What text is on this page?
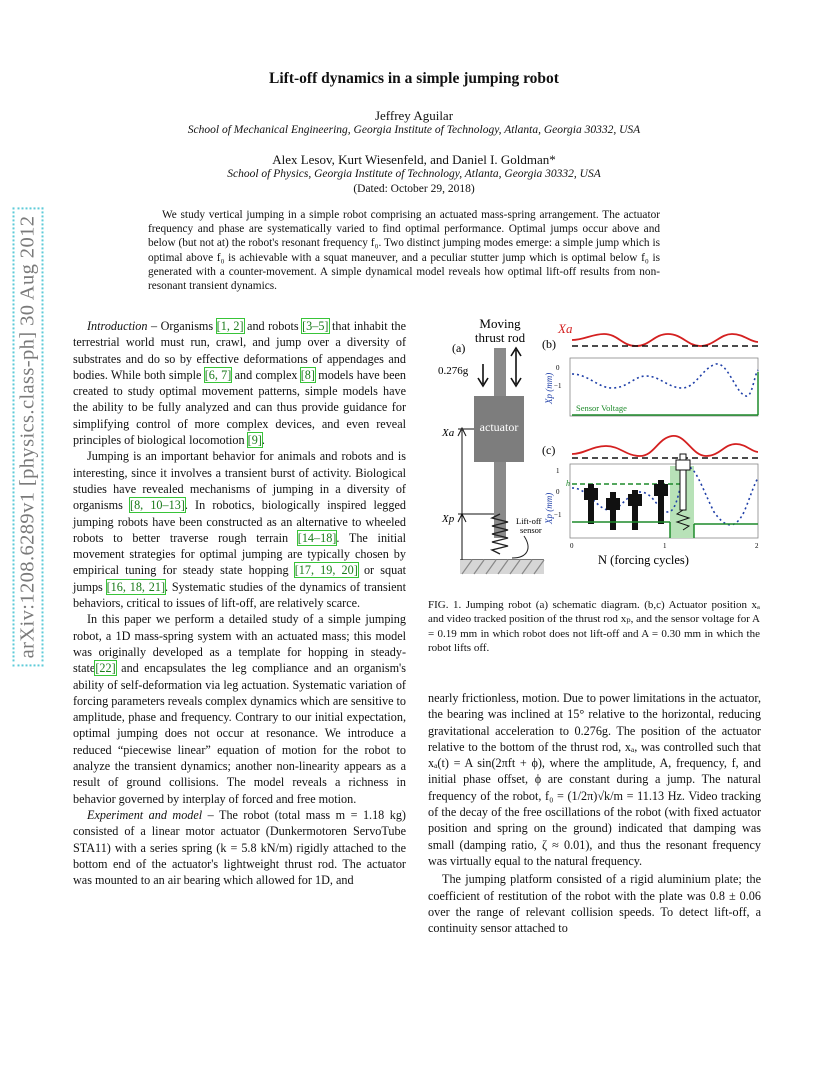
Lift-off dynamics in a simple jumping robot
Jeffrey Aguilar
School of Mechanical Engineering, Georgia Institute of Technology, Atlanta, Georgia 30332, USA
Alex Lesov, Kurt Wiesenfeld, and Daniel I. Goldman*
School of Physics, Georgia Institute of Technology, Atlanta, Georgia 30332, USA
(Dated: October 29, 2018)
We study vertical jumping in a simple robot comprising an actuated mass-spring arrangement. The actuator frequency and phase are systematically varied to find optimal performance. Optimal jumps occur above and below (but not at) the robot's resonant frequency f₀. Two distinct jumping modes emerge: a simple jump which is optimal above f₀ is achievable with a squat maneuver, and a peculiar stutter jump which is optimal below f₀ is generated with a counter-movement. A simple dynamical model reveals how optimal lift-off results from non-resonant transient dynamics.
arXiv:1208.6289v1 [physics.class-ph] 30 Aug 2012	Introduction – Organisms [1, 2] and robots [3–5] that inhabit the terrestrial world must run, crawl, and jump over a diversity of substrates and do so by effective deformations of appendages and bodies. While both simple [6, 7] and complex [8] models have been created to study optimal movement patterns, simple models have the ability to be fully analyzed and can thus provide guidance for simplifying control of more complex devices, and even reveal principles of biological locomotion [9].

Jumping is an important behavior for animals and robots and is interesting, since it involves a transient burst of activity. Biological studies have revealed mechanisms of jumping in a diversity of organisms [8, 10–13]. In robotics, biologically inspired legged jumping robots have been constructed as an alternative to wheeled robots to better traverse rough terrain [14–18]. The initial movement strategies for optimal jumping are typically chosen by empirical tuning for steady state hopping [17, 19, 20] or squat jumps [16, 18, 21]. Systematic studies of the dynamics of transient behaviors, critical to issues of lift-off, are relatively scarce.

In this paper we perform a detailed study of a simple jumping robot, a 1D mass-spring system with an actuated mass; this model was originally developed as a template for hopping in steady-state[22] and encapsulates the leg compliance and an organism's ability of self-deformation via leg actuation. Systematic variation of forcing parameters reveals complex dynamics which are sensitive to amplitude, phase and frequency. Contrary to our initial expectation, optimal jumping does not occur at resonance. We introduce a reduced “piecewise linear” equation of motion for the robot to analyze the transient dynamics; another non-linearity appears as a result of ground collisions. The model reveals a richness in behavior governed by interplay of forced and free motion.

Experiment and model – The robot (total mass m = 1.18 kg) consisted of a linear motor actuator (Dunkermotoren ServoTube STA11) with a series spring (k = 5.8 kN/m) rigidly attached to the bottom end of the actuator's lightweight thrust rod. The actuator was mounted to an air bearing which allowed for 1D, and

(a)
Moving
thrust rod
0.276g
actuator
Xa
Xp	Lift-off
sensor
(b)
Xa
0
−1
Xp (mm)
Sensor Voltage
(c)
1
0
−1
Xp (mm)
h
0	1	2
N (forcing cycles)
FIG. 1. Jumping robot (a) schematic diagram. (b,c) Actuator position xₐ and video tracked position of the thrust rod xₚ, and the sensor voltage for A = 0.19 mm in which robot does not lift-off and A = 0.30 mm in which the robot lifts off.

nearly frictionless, motion. Due to power limitations in the actuator, the bearing was inclined at 15° relative to the horizontal, reducing gravitational acceleration to 0.276g. The position of the actuator relative to the bottom of the thrust rod, xₐ, was controlled such that xₐ(t) = A sin(2πft + ϕ), where the amplitude, A, frequency, f, and initial phase offset, ϕ are constant during a jump. The natural frequency of the robot, f₀ = (1/2π)√k/m = 11.13 Hz. Video tracking of the decay of the free oscillations of the robot (with fixed actuator position and spring on the ground) indicated that damping was small (damping ratio, ζ ≈ 0.01), and thus the resonant frequency was virtually equal to the natural frequency.

The jumping platform consisted of a rigid aluminium plate; the coefficient of restitution of the robot with the plate was 0.8 ± 0.06 over the range of relevant collision speeds. To detect lift-off, a continuity sensor attached to
